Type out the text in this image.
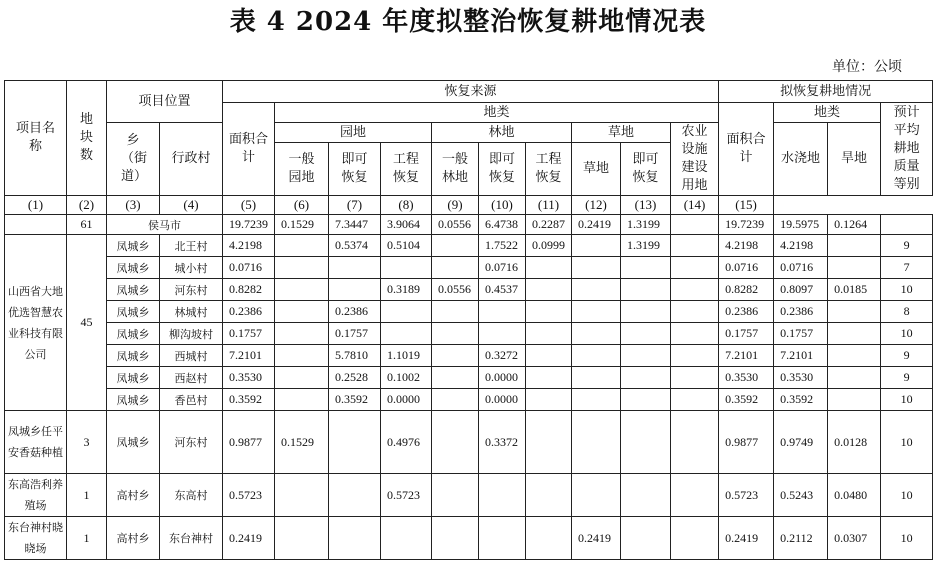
表 4 2024 年度拟整治恢复耕地情况表
单位：公顷
项目名称	地块数	项目位置		恢复来源										拟恢复耕地情况			
				面积合计	地类									面积合计	地类		预计平均耕地质量等别
		乡（街道）	行政村		园地			林地			草地		农业设施建设用地		水浇地	旱地	
					一般园地	即可恢复	工程恢复	一般林地	即可恢复	工程恢复	草地	即可恢复					
(1)	(2)	(3)	(4)	(5)	(6)	(7)	(8)	(9)	(10)	(11)	(12)	(13)	(14)	(15)			
	61	侯马市		19.7239	0.1529	7.3447	3.9064	0.0556	6.4738	0.2287	0.2419	1.3199		19.7239	19.5975	0.1264	
山西省大地优选智慧农业科技有限公司	45	凤城乡	北王村	4.2198		0.5374	0.5104		1.7522	0.0999		1.3199		4.2198	4.2198		9
		凤城乡	城小村	0.0716					0.0716					0.0716	0.0716		7
		凤城乡	河东村	0.8282			0.3189	0.0556	0.4537					0.8282	0.8097	0.0185	10
		凤城乡	林城村	0.2386		0.2386								0.2386	0.2386		8
		凤城乡	柳沟坡村	0.1757		0.1757								0.1757	0.1757		10
		凤城乡	西城村	7.2101		5.7810	1.1019		0.3272					7.2101	7.2101		9
		凤城乡	西赵村	0.3530		0.2528	0.1002		0.0000					0.3530	0.3530		9
		凤城乡	香邑村	0.3592		0.3592	0.0000		0.0000					0.3592	0.3592		10
凤城乡任平安香菇种植	3	凤城乡	河东村	0.9877	0.1529		0.4976		0.3372					0.9877	0.9749	0.0128	10
东高浩利养殖场	1	高村乡	东高村	0.5723			0.5723							0.5723	0.5243	0.0480	10
东台神村晓晓场	1	高村乡	东台神村	0.2419							0.2419			0.2419	0.2112	0.0307	10
